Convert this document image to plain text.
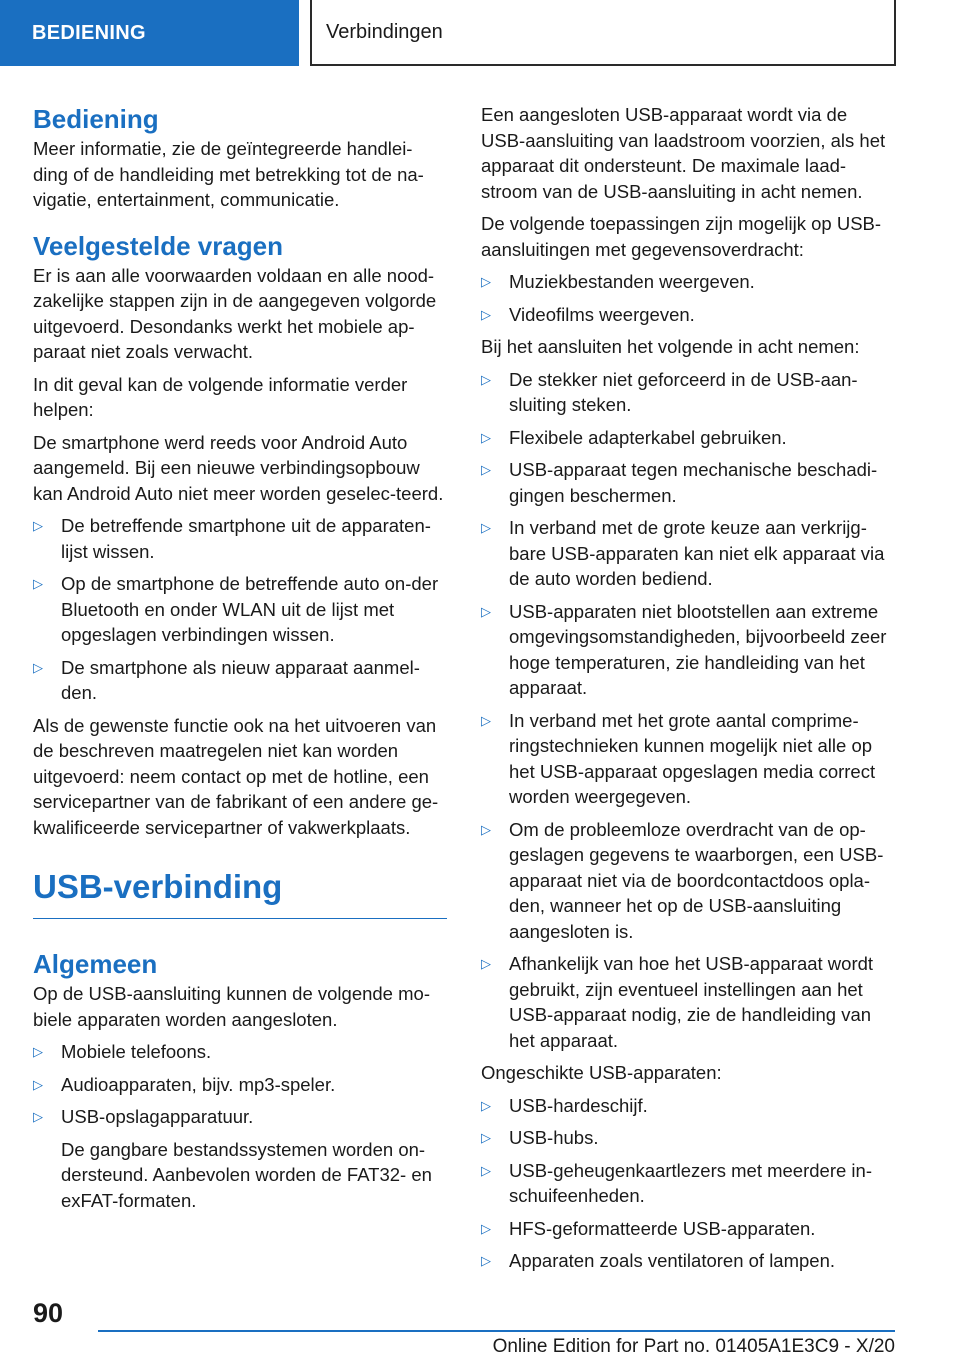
BEDIENING	Verbindingen
Bediening

Meer informatie, zie de geïntegreerde handlei-ding of de handleiding met betrekking tot de na-vigatie, entertainment, communicatie.

Veelgestelde vragen

Er is aan alle voorwaarden voldaan en alle nood-zakelijke stappen zijn in de aangegeven volgorde uitgevoerd. Desondanks werkt het mobiele ap-paraat niet zoals verwacht.

In dit geval kan de volgende informatie verder helpen:

De smartphone werd reeds voor Android Auto aangemeld. Bij een nieuwe verbindingsopbouw kan Android Auto niet meer worden geselec-teerd.

▷ De betreffende smartphone uit de apparaten-lijst wissen.
▷ Op de smartphone de betreffende auto on-der Bluetooth en onder WLAN uit de lijst met opgeslagen verbindingen wissen.
▷ De smartphone als nieuw apparaat aanmel-den.

Als de gewenste functie ook na het uitvoeren van de beschreven maatregelen niet kan worden uitgevoerd: neem contact op met de hotline, een servicepartner van de fabrikant of een andere ge-kwalificeerde servicepartner of vakwerkplaats.

USB-verbinding
Algemeen

Op de USB-aansluiting kunnen de volgende mo-biele apparaten worden aangesloten.

▷ Mobiele telefoons.
▷ Audioapparaten, bijv. mp3-speler.
▷ USB-opslagapparatuur.
De gangbare bestandssystemen worden on-dersteund. Aanbevolen worden de FAT32- en exFAT-formaten.

Een aangesloten USB-apparaat wordt via de USB-aansluiting van laadstroom voorzien, als het apparaat dit ondersteunt. De maximale laad-stroom van de USB-aansluiting in acht nemen.

De volgende toepassingen zijn mogelijk op USB-aansluitingen met gegevensoverdracht:

▷ Muziekbestanden weergeven.
▷ Videofilms weergeven.

Bij het aansluiten het volgende in acht nemen:

▷ De stekker niet geforceerd in de USB-aan-sluiting steken.
▷ Flexibele adapterkabel gebruiken.
▷ USB-apparaat tegen mechanische beschadi-gingen beschermen.
▷ In verband met de grote keuze aan verkrijg-bare USB-apparaten kan niet elk apparaat via de auto worden bediend.
▷ USB-apparaten niet blootstellen aan extreme omgevingsomstandigheden, bijvoorbeeld zeer hoge temperaturen, zie handleiding van het apparaat.
▷ In verband met het grote aantal comprime-ringstechnieken kunnen mogelijk niet alle op het USB-apparaat opgeslagen media correct worden weergegeven.
▷ Om de probleemloze overdracht van de op-geslagen gegevens te waarborgen, een USB-apparaat niet via de boordcontactdoos opla-den, wanneer het op de USB-aansluiting aangesloten is.
▷ Afhankelijk van hoe het USB-apparaat wordt gebruikt, zijn eventueel instellingen aan het USB-apparaat nodig, zie de handleiding van het apparaat.

Ongeschikte USB-apparaten:

▷ USB-hardeschijf.
▷ USB-hubs.
▷ USB-geheugenkaartlezers met meerdere in-schuifeenheden.
▷ HFS-geformatteerde USB-apparaten.
▷ Apparaten zoals ventilatoren of lampen.
90
Online Edition for Part no. 01405A1E3C9 - X/20
